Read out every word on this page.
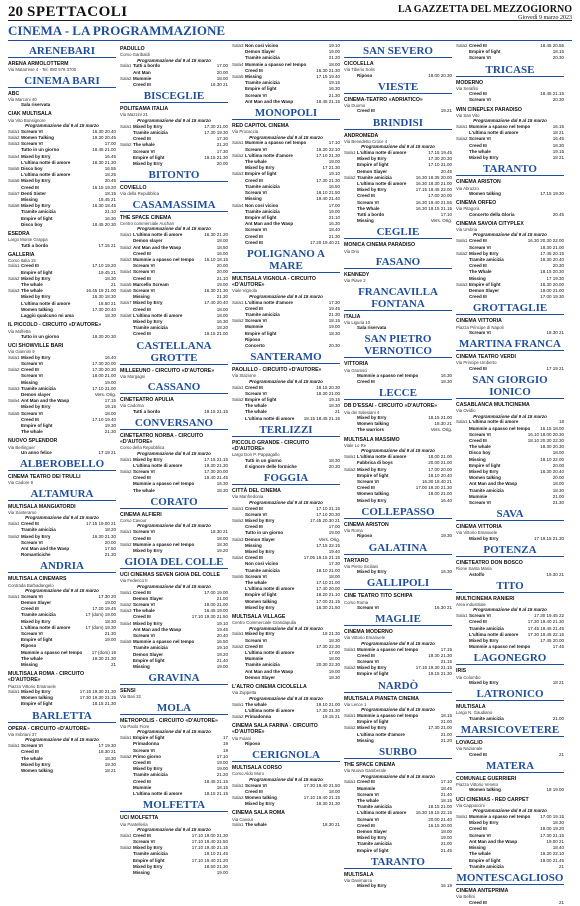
20 SPETTACOLI	LA GAZZETTA DEL MEZZOGIORNO
Giovedì 9 marzo 2023
CINEMA - LA PROGRAMMAZIONE
ARENEBARI
ARENA ARMOLOTTERM
Via Matarrese 4 · Tel. 080 578 3700
CINEMA BARI
ABC
Via Marconi 40
Sala riservata
CIAK MULTISALA
Via Vito Bonsignore
Programmazione dal 9 al 15 marzo
Sala1 Scream VI	16.30 20.40
Sala2 Women Talking	19.30 20.45
Sala3 Scream VI	17.00
Tutto in un giorno	18.45 21.00
Sala4 Mixed by Erry	16.45
L'ultima notte di amore	18.30 21.30
Sala5 Disco boy	16.55
L'ultima notte di amore	18.25
Sala6 Mixed by Erry	20.45
Creed III	16.15 19.20
Sala7 Denti Sister	18.15
Missing	18.45 21
Sala8 Mixed by Erry	16.30 18.45
Tramite amicizia	21.10
Empire of light	16.30
Disco boy	18.45 20.30
ESEDRA
Largo Monte Grappa
Tutti a bordo	17.15 21
GALLERIA
Corso Italia 15
Sala1 Creed III	17.10 19.20
Empire of light	19.45 21
Sala2 Mixed by Erry	18.30
The whale	21
Sala3 The whale	16.45 19 21.00
Mixed by Erry	16.30 18.30
L'ultima notte di amore	18.50 21
Women talking	17.30 20.40
Laggiù qualcuno mi ama	18.30
IL PICCOLO - CIRCUITO «D'AUTORE»
Via Molfetta
Tutto in un giorno	18.30 20.30
UCI SHOWVILLE BARI
Via Giannini 9
Sala1 Mixed by Erry	16.40
Scream VI	17.30 20.00
Sala2 Creed III	17.30 20.30
Scream VI	18.00 21.00
Missing	19.00
Sala3 Tramite amicizia	17.10 21.00
Demon slayer	Vers. Orig.
Sala4 Ant Man and the Wasp	17.15
Mixed by Erry	19.15
Sala5 Scream VI	18.00
Creed III	17.10 19.40
Empire of light	19.30
The whale	21.30
NUOVO SPLENDOR
Via Berlinguer
Un anno felice	17.19 21
ALBEROBELLO
CINEMA TEATRO DEI TRULLI
Via Cadore 8
ALTAMURA
MULTISALA MANGIATORDI
Via Santeramo
Programmazione dal 9 al 15 marzo
Sala1 Creed III	17.15 19.00 21
Tramite amicizia	18.20
Sala2 Mixed by Erry	16.30 21.30
Scream VI	20.00
Ant Man and the Wasp	17.50
Romanticiche	21.30
ANDRIA
MULTISALA CINEMARS
Contrada Barbadangelo
Programmazione dal 9 al 15 marzo
Sala1 Scream VI	17.30 20
Demon Slayer	19.00
Creed III	17.20 19.45
Tramite amicizia	17 (dom) 19.00
Mixed by Erry	18.30
L'ultima notte di amore	17 (dom) 19.30
Scream VI	21.30
Empire of light	19.00
Riposo
Mummie a spasso nel tempo	17 (dom) 19
The whale	19.30 21.30
Missing	21
MULTISALA ROMA - CIRCUITO «D'AUTORE»
Piazza Vittorio Emanuele
Sala1 Mixed by Erry	17.15 19.30 21.30
Women talking	17.30 19.30 21.15
Empire of light	18.15 21.30
BARLETTA
OPERA - CIRCUITO «D'AUTORE»
Via Imbriani 37
Programmazione dal 9 al 15 marzo
Sala1 Scream VI	17 19.30
Creed III	18.30 21
The whale	18.30
Mixed by Erry	19.30
Women talking	18.21
PADULLO
Corso Garibaldi
Programmazione dal 9 al 15 marzo
Sala1 Tutti a bordo	17.00
Ant Man	20.00
Sala2 Mummie	18.00
Creed III	16.30 21
BISCEGLIE
POLITEAMA ITALIA
Via Mazzini 21
Programmazione dal 9 al 15 marzo
Sala1 Mixed by Erry	17.30 21.00
Tramite amicizia	17.30 19.30
Creed III	17.30
Sala2 The whale	21.20
Scream VI	17.30
Empire of light	19.15 21.30
Mixed by Erry	20.00
BITONTO
COVIELLO
Via della Repubblica
CASAMASSIMA
THE SPACE CINEMA
Centro commerciale Auchan
Programmazione dal 9 al 15 marzo
Sala1 L'ultima notte di amore	16.30 21.20
Demon slayer	18.00
Sala2 Ant Man and the Wasp	18.50
Creed III	16.00
Sala3 Mummie a spasso nel tempo	16.10 18.15
Scream VI	20.00
Sala4 Scream VI	20.00
Creed III	21.10
Sala5 Marcello Scream	19.00
Sala6 Scream VI	16.30 21.30
Missing	21.30
Sala7 Mixed by Erry	17.40 20.40
Creed III	18.00
Sala8 L'ultima notte di amore	18.00
Mixed by Erry	16.30
Tramite amicizia	18.20
Creed III	19.15 21.00
CASTELLANA GROTTE
MILLEEUNO - CIRCUITO «D'AUTORE»
Via Morgagni
CASSANO
CINETEATRO APULIA
Via Cadorna
Tutti a bordo	19.15 21.15
CONVERSANO
CINETEATRO NORBA - CIRCUITO «D'AUTORE»
Corso della Repubblica
Programmazione dal 9 al 15 marzo
Sala1 Mixed by Erry	17.15 21.15
L'ultima notte di amore	19.30 21.30
Sala2 Scream VI	17.30 20.00
Creed III	19.40 21.45
Mummie a spasso nel tempo	16.30
The whale	18.30
CORATO
CINEMA ALFIERI
Corso Cavour
Programmazione dal 9 al 15 marzo
Sala1 Scream VI	18.30 21
Creed III	18.00
Sala2 Mummie a spasso nel tempo	18.30
Mixed by Erry	19.20
GIOIA DEL COLLE
UCI CINEMAS SEVEN GIOIA DEL COLLE
Via Federico II
Programmazione dal 9 al 15 marzo
Sala1 Creed III	17.00 19.00
Demon Slayer	21.00
Sala2 Scream VI	18.00 21.00
Sala3 The whale	16.45 19.00
Creed III	17.10 19.30 21.50
Sala4 Mixed by Erry	19.10
Ant Man and the Wasp	19.45
Scream VI	20.40
Sala5 Mummie a spasso nel tempo	16.50
Tramite amicizia	19.10
Demon Slayer	19.20
Empire of light	21.40
Missing	19.00
GRAVINA
SENSI
Via Bari 32
MOLA
METROPOLIS - CIRCUITO «D'AUTORE»
Via Paolo Fiore
Programmazione dal 9 al 15 marzo
Sala1 Empire of light	17
Primadonna	19
Scream VI	19
Sala2 Primo giorno	17.10
Creed III	19.00
Mixed by Erry	19.00
Tramite amicizia	21.20
Creed III	18.45 21.15
Mummie	18.15
L'ultima notte di amore	18.15 21.15
MOLFETTA
UCI MOLFETTA
Via Pantelleria
Programmazione dal 9 al 15 marzo
Sala1 Creed III	17.10 19.00 21.30
Scream VI	17.10 19.40 21.50
Sala2 Mixed by Erry	17.10 19.40 21.15
Tramite amicizia	19.10 21.45
Empire of light	17.10 19.40 21.20
Mixed by Erry	18.50 21.30
Missing	19.00
Sala3 Non così vicino	19.10
Demon Slayer	19.00
Tramite amicizia	21.20
Sala4 Mummie a spasso nel tempo	18.00
Creed III	16.30 21.30
Sala5 Missing	17.15 19.40
Tramite amicizia	19.15
Empire of light	16.30
Scream VI	21.30
Ant Man and the Wasp	18.45 21.15
MONOPOLI
RED CAPITOL CINEMA
Via Procaccia
Programmazione dal 9 al 15 marzo
Sala1 Mummie a spasso nel tempo	17.10
Scream VI	19.30 22.10
Sala2 L'ultima notte d'amore	17.10 21.30
The whale	19.00
Mixed by Erry	17 21.30
Sala3 Empire of light	19.10
Creed III	17.30 21.30
Tramite amicizia	16.50
Scream VI	18.10 21.50
Missing	19.40 21.40
Sala4 Non così vicino	17.00
Tramite amicizia	19.00
Empire of light	21.10
Ant Man and the Wasp	16.30
Scream VI	18.40
Creed III	21.30
Creed III	17.20 19.40 21
POLIGNANO A MARE
MULTISALA VIGNOLA - CIRCUITO «D'AUTORE»
Viale Vignola
Programmazione dal 9 al 15 marzo
Sala1 L'ultima notte d'amore	17.30
Creed III	19.45
Tramite amicizia	21.30
Sala2 Scream VI	18.15
Mummie	19.00
Empire of light	18.30
Riposo
Concerto	20.30
SANTERAMO
PAOLILLO - CIRCUITO «D'AUTORE»
Via Stazione
Programmazione dal 9 al 15 marzo
Sala1 Creed III	18.15 20.30
Scream VI	18.30 21.00
Sala2 Empire of light	19.15
The whale	18.30
The whale	21
L'ultima notte di amore	18.15 18.45 21.15
TERLIZZI
PICCOLO GRANDE - CIRCUITO «D'AUTORE»
Largo Don P. Pappagallo
Tutti in un giorno	18.30
Il signore delle formiche	20.30
FOGGIA
CITTÀ DEL CINEMA
Via Manfredonia
Programmazione dal 9 al 15 marzo
Sala1 Creed III	17.10 21.15
Scream VI	17.10 20.30
Sala2 Mixed by Erry	17.45 20.30 21
Creed III	17.00
Tutto in un giorno	19.00
Sala3 Demon Slayer	Vers. Orig.
Missing	17.15 22.15
Mixed by Erry	19.40
Sala4 Creed III	17.05 19.15 21.15
Non così vicino	17.30
Tramite amicizia	18.10 21.00
Sala5 Scream VI	18.00
The whale	17.10 21.00
L'ultima notte di amore	17.40 20.00
Empire of light	18.20 21.10
Women talking	17.00 21.15
Mixed by Erry	16.30 21.50
MULTISALA VILLAGE
Centro Commerciale Grandapulia
Programmazione dal 9 al 15 marzo
Sala1 Mixed by Erry	18 21.30
Scream VI	18.30
Sala2 Creed III	17.30 22.30
L'ultima notte di amore	17.00
Mummie	18.00
Tramite amicizia	20.30 22.30
Ant Man and the Wasp	19.00
Demon Slayer	18.30
L'ALTRO CINEMA CICOLELLA
Via Zuppetta
Programmazione dal 9 al 15 marzo
Sala1 The whale	19.10 21.00
L'ultima notte di amore	17.30 21.30
Sala2 Primadonna	19.15 21
CINEMA SALA FARINA - CIRCUITO «D'AUTORE»
Via Fuiani
Riposo
CERIGNOLA
MULTISALA CORSO
Corso Aldo Moro
Programmazione dal 9 al 15 marzo
Sala1 Scream VI	17.30 19.40 21.50
Creed III	18.00
Sala2 Women talking	17.10 19.40 21.15
Mixed by Erry	18.30 21.30
CINEMA SALA ROMA
Via Cavour
Sala1 The whale	18.30 21
SAN SEVERO
CICOLELLA
Via Tiberio Solis
Riposo	18.00 20.30
VIESTE
CINEMA-TEATRO «ADRIATICO»
Via Duomo
Creed III	19.21
BRINDISI
ANDROMEDA
Via Benedetto Croce 4
Programmazione dal 9 al 15 marzo
Sala1 L'ultima notte di amore	17.15 19.45
Mixed by Erry	17.30 20.30
Empire of light	17.10 21.00
Demon Slayer	20.45
Sala2 Tramite amicizia	16.30 18.35 20.00
L'ultima notte di amore	16.30 18.30 21.00
Mixed by Erry	17.15 19.45 22.00
Creed III	17.00 20.00
Scream VI	16.30 19.40 21.55
The Whale	16.30 19.15 21.15
Tutti a bordo	17.10
Missing	Vers. Orig.
CEGLIE
MONICA CINEMA PARADISO
Via Drio
FASANO
KENNEDY
Via Piave 2
FRANCAVILLA FONTANA
ITALIA
Via Liguria 10
Sala riservata
SAN PIETRO VERNOTICO
VITTORIA
Via Gramsci
Mummie a spasso nel tempo	16.30
Creed III	18.30
LECCE
DB D'ESSAI - CIRCUITO «D'AUTORE»
Via dei Salesiani 4
Mixed by Erry	18.15 21.00
Women talking	18.30 21
The warriors	Vers. Orig.
MULTISALA MASSIMO
Viale Lo Re
Programmazione dal 9 al 15 marzo
Sala1 L'ultima notte di amore	18.00 21.00
Fabbrica di boys	20.00 21.00
Sala2 Mixed by Erry	17.00 20.00
Empire of light	18.10 20.40
Scream VI	16.30 18.40 21
Creed III	17.00 19.20 21.30
Women talking	18.00 21.00
Mixed by Erry	16.40
COLLEPASSO
CINEMA ARISTON
Via Roma
Riposo	19.30
GALATINA
TARTARO
Via Pietro Siciliani
Mixed by Erry	16.30
GALLIPOLI
CINE TEATRO TITO SCHIPA
Corso Roma
Scream VI	16.30 21
MAGLIE
CINEMA MODERNO
Via Vittorio Emanuele
Programmazione dal 9 al 15 marzo
Sala1 Mummie a spasso nel tempo	17.15
Creed III	19.30 21.30
Scream VI	21.15
Sala2 Mixed by Erry	17.15 19.30 21.15
Empire of light	19.15 21.30
NARDÒ
MULTISALA PIANETA CINEMA
Via Lecce 1
Programmazione dal 9 al 15 marzo
Sala1 Mummie a spasso nel tempo	18.15
Empire of light	21.00
Sala2 Mixed by Erry	17.30 21.00
L'ultima notte d'amore	21.00
Missing	21.20
SURBO
THE SPACE CINEMA
Via Nuova Gamberale
Programmazione dal 9 al 15 marzo
Sala1 Creed III	17.10
Mummie	18.45
Scream VI	21.40
The whale	18.15
Tramite amicizia	18.15 21.00
L'ultima notte di amore	16.30 19.15 22.15
Scream VI	20.00 21.40
Creed III	16.15 20.00
Demon Slayer	18.00
Mixed by Erry	19.00
Tramite amicizia	21.00
Empire of light	21.45
TARANTO
MULTISALA
Via Danimarca
Mixed by Erry	16 19
Sala2 Creed III	18.45 20.55
Empire of light	18.15
Scream VI	20.30
TRICASE
MODERNO
Via Serafini
Creed III	18.45 21.15
Scream VI	20.30
WIN CINEPLEX PARADISO
Via San Vito
Programmazione dal 9 al 15 marzo
Sala1 Mummie a spasso nel tempo	16.15
L'ultima notte di amore	18 21
Sala2 Scream VI	16.45
Creed III	18.30
The whale	19.15
Mixed by Erry	18 21
TARANTO
CINEMA ARISTON
Via Abruzzo
Women talking	17.15 19.30
CINEMA ORFEO
Via Pitagora
Concerto della Gloria	20.45
CINEMA SAVOIA CITYPLEX
Via Umbria
Programmazione dal 9 al 15 marzo
Sala1 Creed III	16.30 20.30 22.00
Scream VI	18.30 21.00
Sala2 Mixed by Erry	17.45 20.15
Tramite amicizia	18.30 20.40
Creed III	20.30
The Whale	18.15 20.30
Missing	17 19.30
Sala3 Empire of light	18.30 20.00
Demon Slayer	19.00 21.00
Creed III	17.00 19.30
GROTTAGLIE
CINEMA VITTORIA
Piazza Principe di Napoli
Scream VI	18.30 21
MARTINA FRANCA
CINEMA TEATRO VERDI
Via Principe Umberto
Creed III	17 19 21
SAN GIORGIO IONICO
CASABLANCA MULTICINEMA
Via Ovidio
Programmazione dal 9 al 15 marzo
Sala1 L'ultima notte di amore	18
Mummie a spasso nel tempo	16.15 18.00
Scream VI	16.10 18.00 20.30
Creed III	18.10 20.30 22.30
The whale	18.30 20.30
Disco boy	18.00
Missing	18.10 22.00
Empire of light	20.00
Mixed by Erry	16.30 20.40
Women talking	20.00
Ant Man and the Wasp	18.00
Tramite amicizia	18.30
Mummie	21.00
Scream VI	21.30
SAVA
CINEMA VITTORIA
Via Vittorio Emanuele
Mixed by Erry	17 19.15 21.30
POTENZA
CINETEATRO DON BOSCO
Rione Santa Maria
Astolfo	19.30 21
TITO
MULTICINEMA RANIERI
Area industriale
Programmazione dal 9 al 15 marzo
Sala1 Scream VI	17.30 19.45 22
Creed III	17.30 19.40 21.30
Tramite amicizia	17.45 19.45 21.45
L'ultima notte di amore	17.30 19.45 22.15
Mixed by Erry	17.45 20.00
Mummie a spasso nel tempo	17.45
LAGONEGRO
IRIS
Via Colombo
Mixed by Erry	18 21
LATRONICO
MULTISALA
Largo N. Gaudiano
Tramite amicizia	21.00
MARSICOVETERE
LOVAGLIO
Via Nazionale
Creed III	21
MATERA
COMUNALE GUERRIERI
Piazza Vittorio Veneto
Women talking	18 19.00
UCI CINEMAS - RED CARPET
Via Cappuccini
Programmazione dal 9 al 15 marzo
Sala1 Mummie a spasso nel tempo	17.00 19.15
Mixed by Erry	18.30
Creed III	18.00 19.20
Scream VI	17.30 21.15
Ant Man and the Wasp	19.00 21
Missing	18.40
The whale	19.30 22.10
Empire of light	19.00 21.45
Tramite amicizia	21
MONTESCAGLIOSO
CINEMA ANTEPRIMA
Via Bellini
Creed III	21
